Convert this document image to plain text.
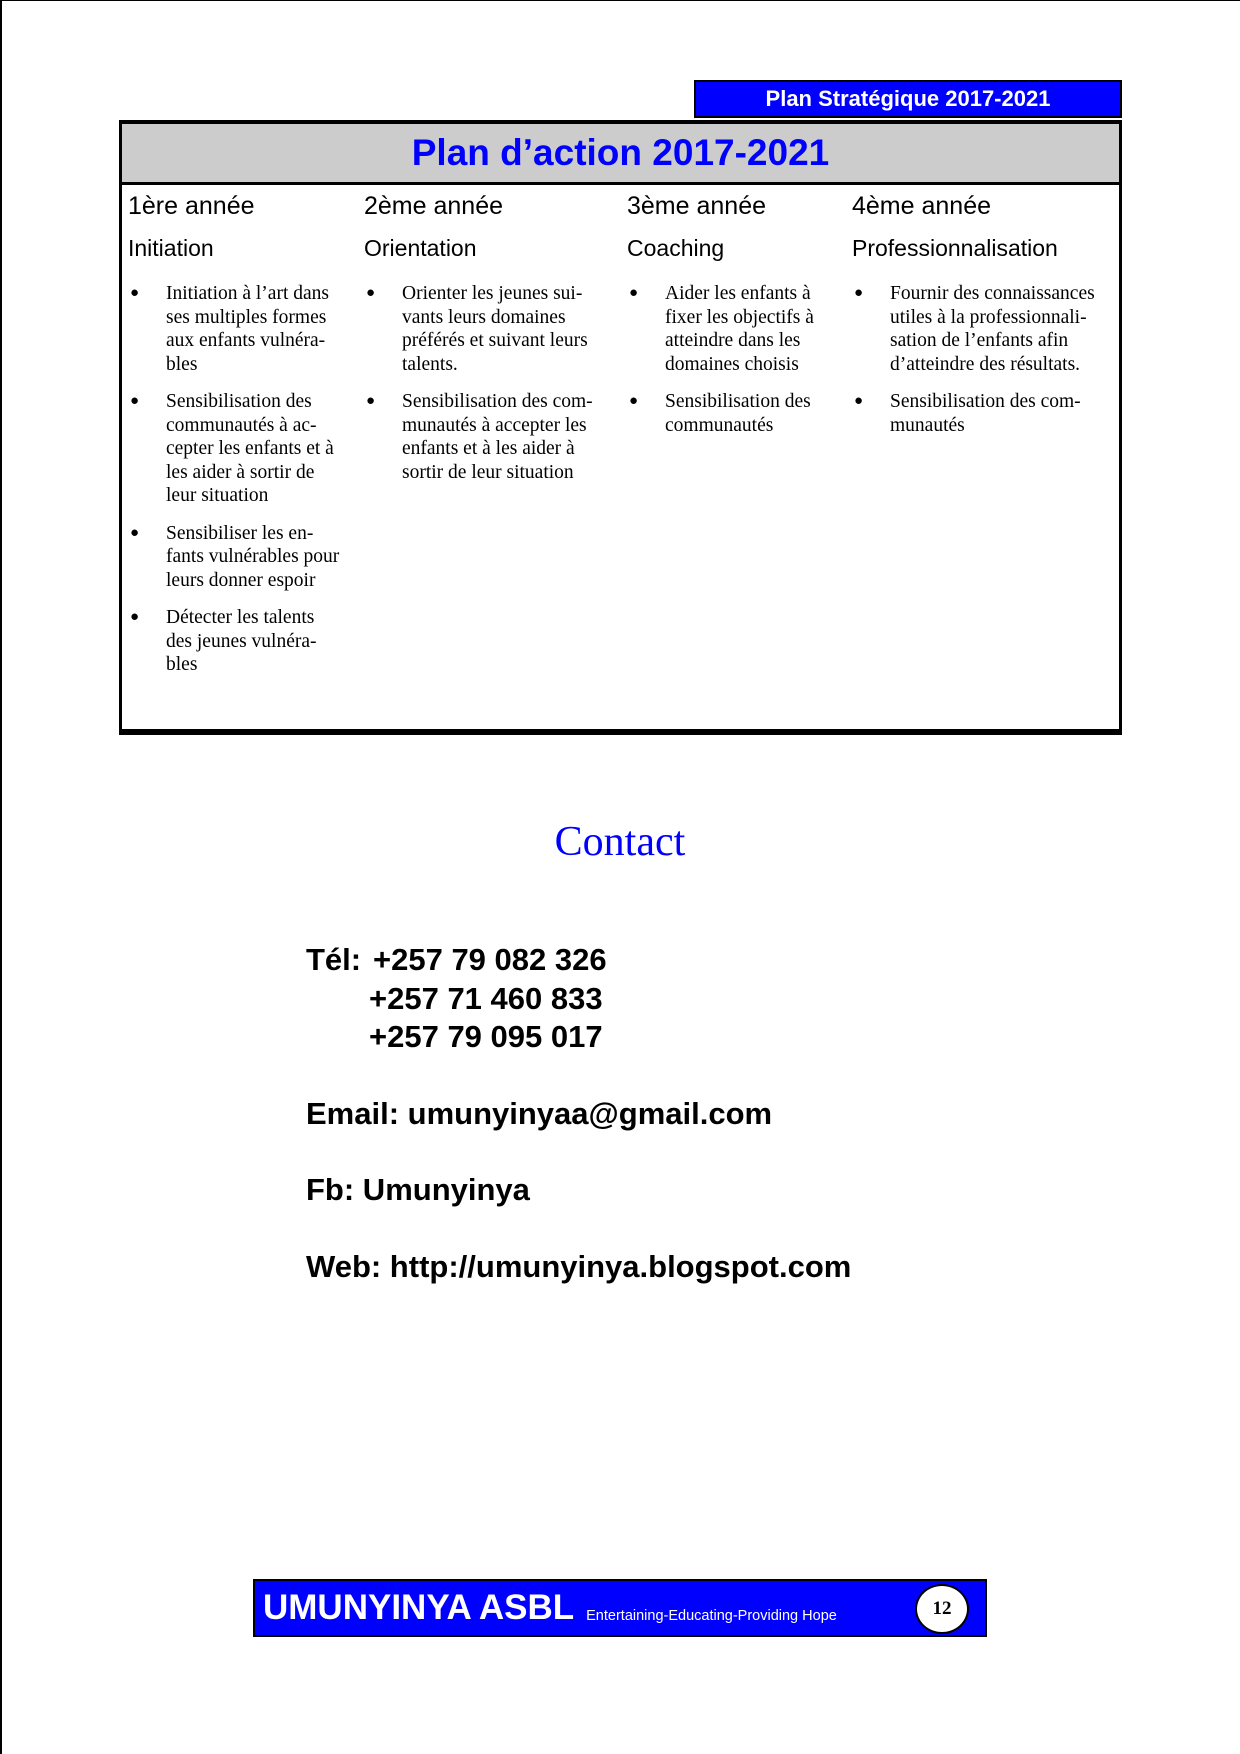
Plan Stratégique 2017-2021
Plan d’action 2017-2021
1ère année
Initiation
● Initiation à l’art dans
ses multiples formes
aux enfants vulnéra-
bles
● Sensibilisation des
communautés à ac-
cepter les enfants et à
les aider à sortir de
leur situation
● Sensibiliser les en-
fants vulnérables pour
leurs donner espoir
● Détecter les talents
des jeunes vulnéra-
bles
2ème année
Orientation
● Orienter les jeunes sui-
vants leurs domaines
préférés et suivant leurs
talents.
● Sensibilisation des com-
munautés à accepter les
enfants et à les aider à
sortir de leur situation
3ème année
Coaching
● Aider les enfants à
fixer les objectifs à
atteindre dans les
domaines choisis
● Sensibilisation des
communautés
4ème année
Professionnalisation
● Fournir des connaissances
utiles à la professionnali-
sation de l’enfants afin
d’atteindre des résultats.
● Sensibilisation des com-
munautés
Contact
Tél: +257 79 082 326
+257 71 460 833
+257 79 095 017
Email: umunyinyaa@gmail.com
Fb: Umunyinya
Web: http://umunyinya.blogspot.com
UMUNYINYA ASBL Entertaining-Educating-Providing Hope	12
